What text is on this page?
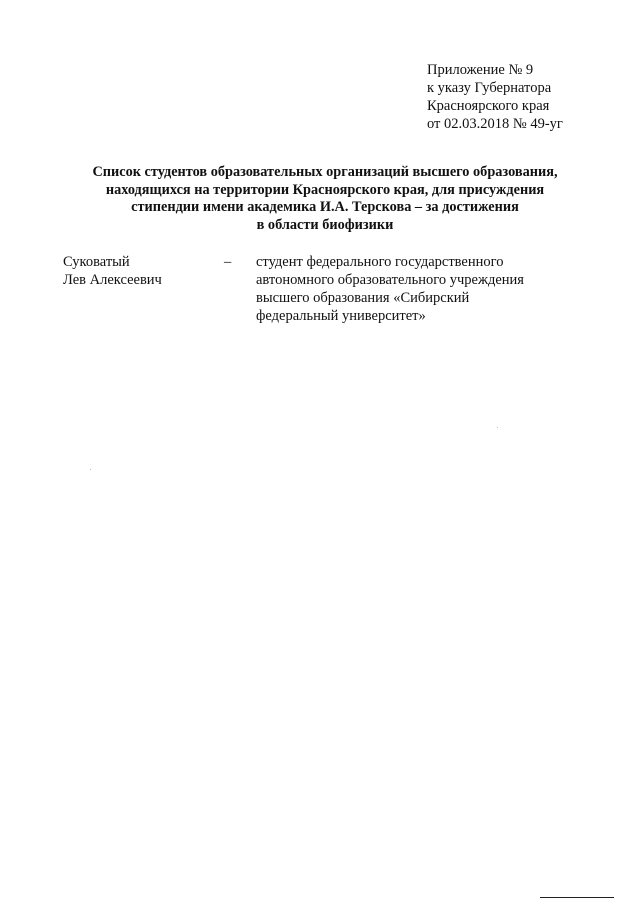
Приложение № 9
к указу Губернатора
Красноярского края
от 02.03.2018 № 49-уг
Список студентов образовательных организаций высшего образования,
находящихся на территории Красноярского края, для присуждения
стипендии имени академика И.А. Терскова – за достижения
в области биофизики
Суковатый
Лев Алексеевич
– студент федерального государственного
автономного образовательного учреждения
высшего образования «Сибирский
федеральный университет»
